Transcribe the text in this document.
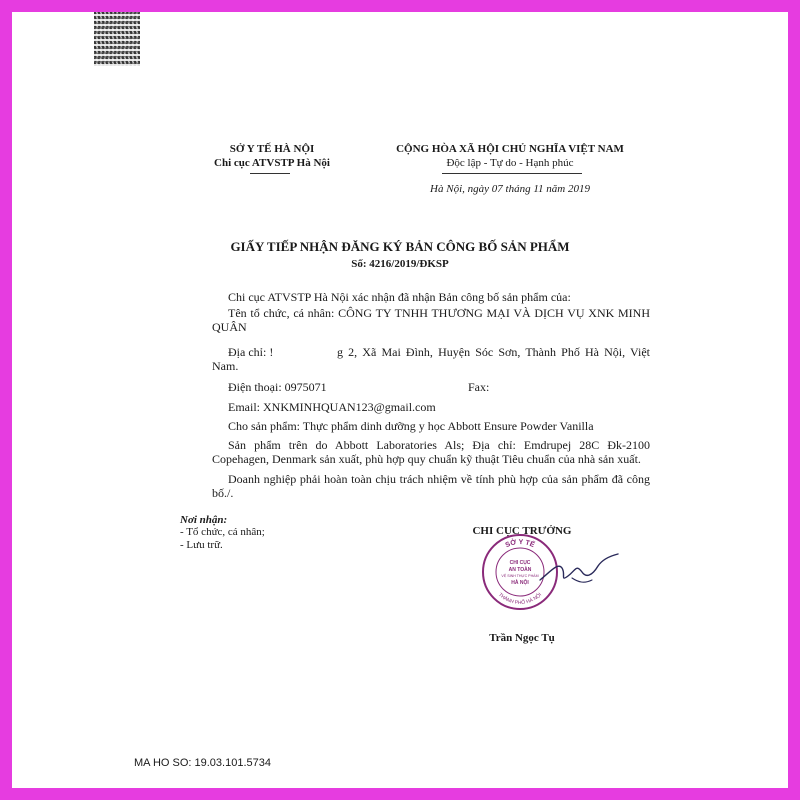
SỞ Y TẾ HÀ NỘI
Chi cục ATVSTP Hà Nội
CỘNG HÒA XÃ HỘI CHỦ NGHĨA VIỆT NAM
Độc lập - Tự do - Hạnh phúc
Hà Nội, ngày 07 tháng 11 năm 2019
GIẤY TIẾP NHẬN ĐĂNG KÝ BẢN CÔNG BỐ SẢN PHẨM
Số: 4216/2019/ĐKSP
Chi cục ATVSTP Hà Nội xác nhận đã nhận Bản công bố sản phẩm của:
Tên tổ chức, cá nhân: CÔNG TY TNHH THƯƠNG MẠI VÀ DỊCH VỤ XNK MINH
QUÂN
Địa chỉ: !	g 2, Xã Mai Đình, Huyện Sóc Sơn, Thành Phố Hà Nội, Việt
Nam.
Điện thoại: 0975071	Fax:
Email: XNKMINHQUAN123@gmail.com
Cho sản phẩm: Thực phẩm dinh dưỡng y học Abbott Ensure Powder Vanilla
Sản phẩm trên do Abbott Laboratories Als; Địa chỉ: Emdrupej 28C Đk-2100
Copehagen, Denmark sản xuất, phù hợp quy chuẩn kỹ thuật Tiêu chuẩn của nhà sản xuất.
Doanh nghiệp phải hoàn toàn chịu trách nhiệm về tính phù hợp của sản phẩm đã công
bố./.
Nơi nhận:
- Tổ chức, cá nhân;
- Lưu trữ.
CHI CỤC TRƯỞNG
SỞ Y TẾ
THÀNH PHỐ HÀ NỘI
CHI CỤC
AN TOÀN
VỆ SINH THỰC PHẨM
HÀ NỘI
Trần Ngọc Tụ
MA HO SO: 19.03.101.5734
